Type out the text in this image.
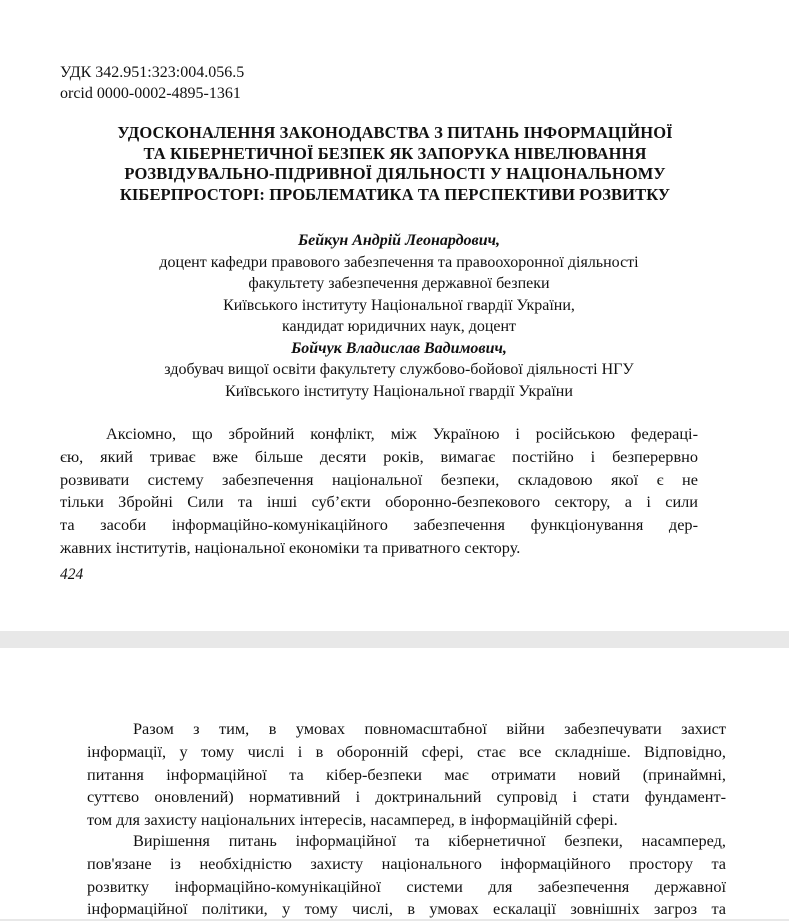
УДК 342.951:323:004.056.5
orcid 0000-0002-4895-1361
УДОСКОНАЛЕННЯ ЗАКОНОДАВСТВА З ПИТАНЬ ІНФОРМАЦІЙНОЇ
ТА КІБЕРНЕТИЧНОЇ БЕЗПЕК ЯК ЗАПОРУКА НІВЕЛЮВАННЯ
РОЗВІДУВАЛЬНО-ПІДРИВНОЇ ДІЯЛЬНОСТІ У НАЦІОНАЛЬНОМУ
КІБЕРПРОСТОРІ: ПРОБЛЕМАТИКА ТА ПЕРСПЕКТИВИ РОЗВИТКУ
Бейкун Андрій Леонардович,
доцент кафедри правового забезпечення та правоохоронної діяльності
факультету забезпечення державної безпеки
Київського інституту Національної гвардії України,
кандидат юридичних наук, доцент
Бойчук Владислав Вадимович,
здобувач вищої освіти факультету службово-бойової діяльності НГУ
Київського інституту Національної гвардії України
Аксіомно, що збройний конфлікт, між Україною і російською федераці-
єю, який триває вже більше десяти років, вимагає постійно і безперервно
розвивати систему забезпечення національної безпеки, складовою якої є не
тільки Збройні Сили та інші суб’єкти оборонно-безпекового сектору, а і сили
та засоби інформаційно-комунікаційного забезпечення функціонування дер-
жавних інститутів, національної економіки та приватного сектору.
424
Разом з тим, в умовах повномасштабної війни забезпечувати захист
інформації, у тому числі і в оборонній сфері, стає все складніше. Відповідно,
питання інформаційної та кібер-безпеки має отримати новий (принаймні,
суттєво оновлений) нормативний і доктринальний супровід і стати фундамент-
том для захисту національних інтересів, насамперед, в інформаційній сфері.
Вирішення питань інформаційної та кібернетичної безпеки, насамперед,
пов'язане із необхідністю захисту національного інформаційного простору та
розвитку інформаційно-комунікаційної системи для забезпечення державної
інформаційної політики, у тому числі, в умовах ескалації зовнішніх загроз та
